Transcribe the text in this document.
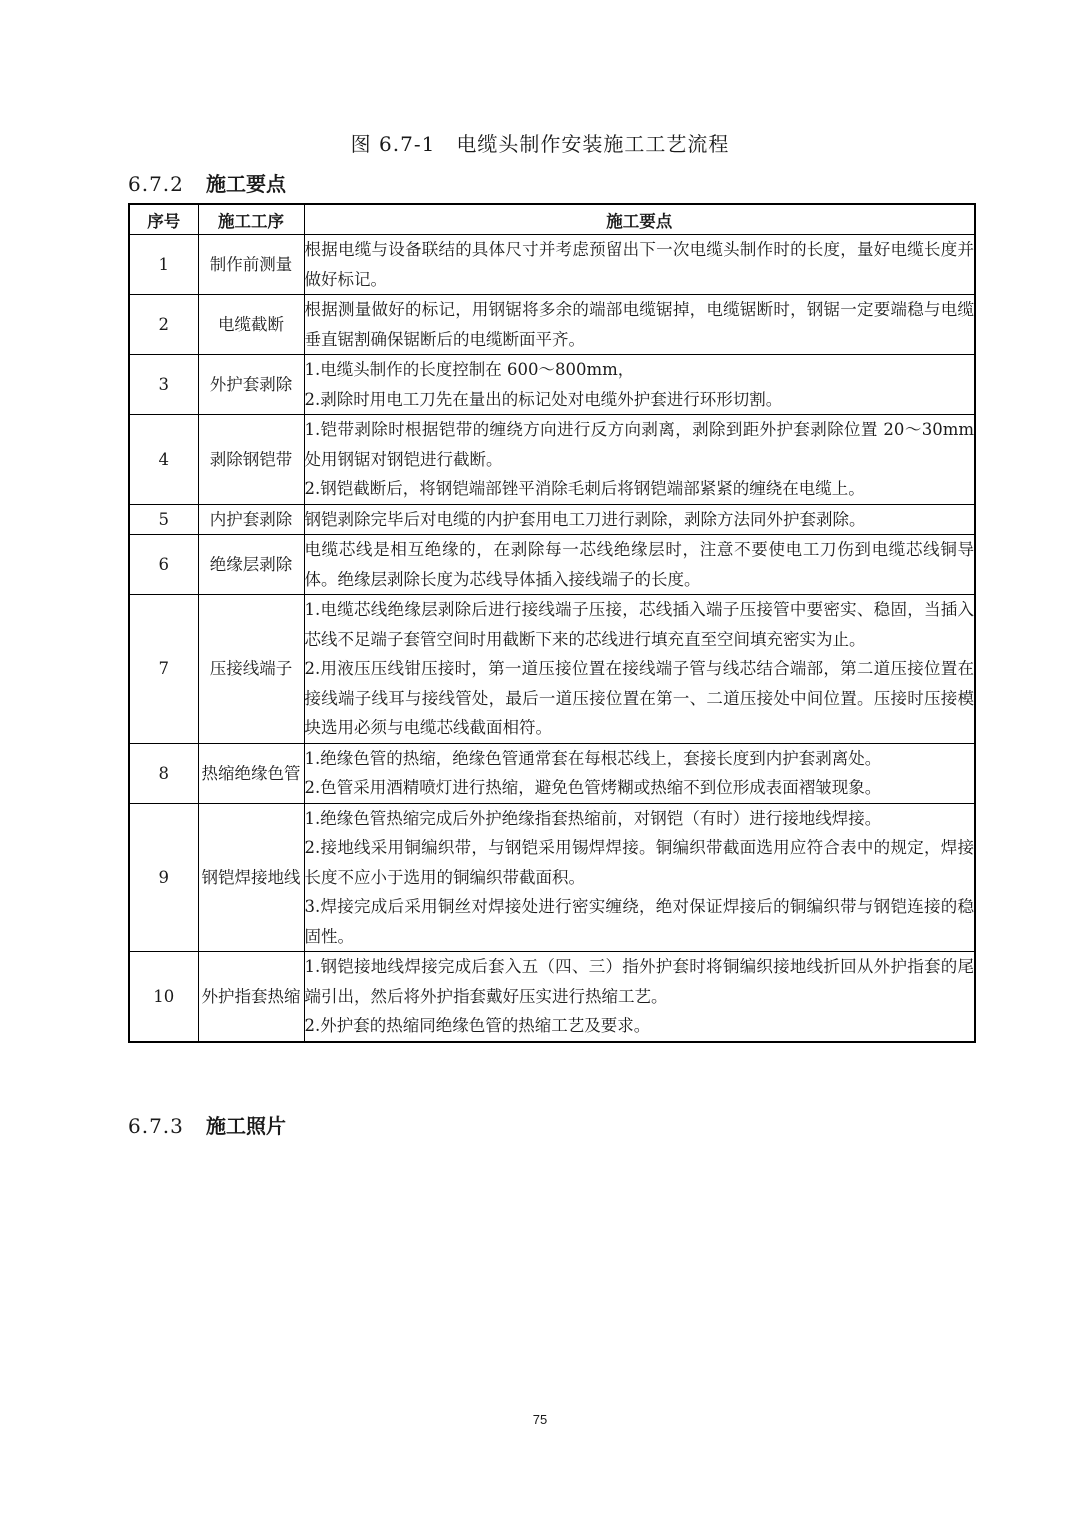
图 6.7-1　电缆头制作安装施工工艺流程
6.7.2 施工要点
序号	施工工序	施工要点
1	制作前测量	根据电缆与设备联结的具体尺寸并考虑预留出下一次电缆头制作时的长度，量好电缆长度并做好标记。

2	电缆截断	根据测量做好的标记，用钢锯将多余的端部电缆锯掉，电缆锯断时，钢锯一定要端稳与电缆垂直锯割确保锯断后的电缆断面平齐。

3	外护套剥除	1.电缆头制作的长度控制在 600～800mm，
2.剥除时用电工刀先在量出的标记处对电缆外护套进行环形切割。

4	剥除钢铠带	1.铠带剥除时根据铠带的缠绕方向进行反方向剥离，剥除到距外护套剥除位置 20～30mm 处用钢锯对钢铠进行截断。
2.钢铠截断后，将钢铠端部锉平消除毛刺后将钢铠端部紧紧的缠绕在电缆上。

5	内护套剥除	钢铠剥除完毕后对电缆的内护套用电工刀进行剥除，剥除方法同外护套剥除。

6	绝缘层剥除	电缆芯线是相互绝缘的，在剥除每一芯线绝缘层时，注意不要使电工刀伤到电缆芯线铜导体。绝缘层剥除长度为芯线导体插入接线端子的长度。

7	压接线端子	1.电缆芯线绝缘层剥除后进行接线端子压接，芯线插入端子压接管中要密实、稳固，当插入芯线不足端子套管空间时用截断下来的芯线进行填充直至空间填充密实为止。
2.用液压压线钳压接时，第一道压接位置在接线端子管与线芯结合端部，第二道压接位置在接线端子线耳与接线管处，最后一道压接位置在第一、二道压接处中间位置。压接时压接模块选用必须与电缆芯线截面相符。

8	热缩绝缘色管	1.绝缘色管的热缩，绝缘色管通常套在每根芯线上，套接长度到内护套剥离处。
2.色管采用酒精喷灯进行热缩，避免色管烤糊或热缩不到位形成表面褶皱现象。

9	钢铠焊接地线	1.绝缘色管热缩完成后外护绝缘指套热缩前，对钢铠（有时）进行接地线焊接。
2.接地线采用铜编织带，与钢铠采用锡焊焊接。铜编织带截面选用应符合表中的规定，焊接长度不应小于选用的铜编织带截面积。
3.焊接完成后采用铜丝对焊接处进行密实缠绕，绝对保证焊接后的铜编织带与钢铠连接的稳固性。

10	外护指套热缩	1.钢铠接地线焊接完成后套入五（四、三）指外护套时将铜编织接地线折回从外护指套的尾端引出，然后将外护指套戴好压实进行热缩工艺。
2.外护套的热缩同绝缘色管的热缩工艺及要求。
6.7.3 施工照片
75
